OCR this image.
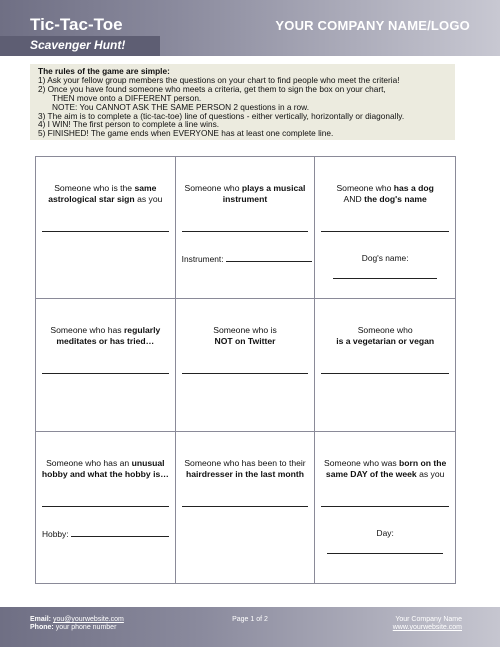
Tic-Tac-Toe	YOUR COMPANY NAME/LOGO
Scavenger Hunt!
The rules of the game are simple:
1) Ask your fellow group members the questions on your chart to find people who meet the criteria!
2) Once you have found someone who meets a criteria, get them to sign the box on your chart,
THEN move onto a DIFFERENT person.
NOTE: You CANNOT ASK THE SAME PERSON 2 questions in a row.
3) The aim is to complete a (tic-tac-toe) line of questions - either vertically, horizontally or diagonally.
4) I WIN! The first person to complete a line wins.
5) FINISHED! The game ends when EVERYONE has at least one complete line.
Someone who is the same
astrological star sign as you
Someone who plays a musical
instrument
Instrument:
Someone who has a dog
AND the dog's name
Dog's name:
Someone who has regularly
meditates or has tried…
Someone who is
NOT on Twitter
Someone who
is a vegetarian or vegan
Someone who has an unusual
hobby and what the hobby is…
Hobby:
Someone who has been to their
hairdresser in the last month
Someone who was born on the
same DAY of the week as you
Day:
Email: you@yourwebsite.com
Phone: your phone number
Page 1 of 2	Your Company Name
www.yourwebsite.com
